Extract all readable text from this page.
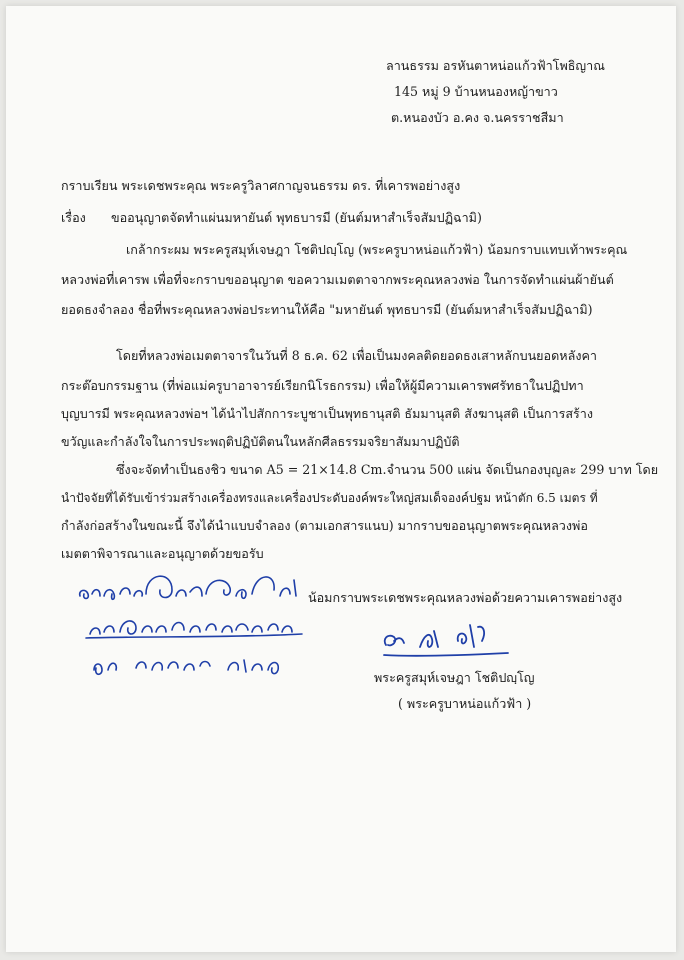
ลานธรรม อรหันตาหน่อแก้วฟ้าโพธิญาณ
145 หมู่ 9 บ้านหนองหญ้าขาว
ต.หนองบัว อ.คง จ.นครราชสีมา
กราบเรียน พระเดชพระคุณ พระครูวิลาศกาญจนธรรม ดร. ที่เคารพอย่างสูง
เรื่อง ขออนุญาตจัดทำแผ่นมหายันต์ พุทธบารมี (ยันต์มหาสำเร็จสัมปฏิฉามิ)
เกล้ากระผม พระครูสมุห์เจษฎา โชติปญฺโญ (พระครูบาหน่อแก้วฟ้า) น้อมกราบแทบเท้าพระคุณ
หลวงพ่อที่เคารพ เพื่อที่จะกราบขออนุญาต ขอความเมตตาจากพระคุณหลวงพ่อ ในการจัดทำแผ่นผ้ายันต์
ยอดธงจำลอง ชื่อที่พระคุณหลวงพ่อประทานให้คือ "มหายันต์ พุทธบารมี (ยันต์มหาสำเร็จสัมปฏิฉามิ)
โดยที่หลวงพ่อเมตตาจารในวันที่ 8 ธ.ค. 62 เพื่อเป็นมงคลติดยอดธงเสาหลักบนยอดหลังคา
กระต๊อบกรรมฐาน (ที่พ่อแม่ครูบาอาจารย์เรียกนิโรธกรรม) เพื่อให้ผู้มีความเคารพศรัทธาในปฏิปทา
บุญบารมี พระคุณหลวงพ่อฯ ได้นำไปสักการะบูชาเป็นพุทธานุสติ ธัมมานุสติ สังฆานุสติ เป็นการสร้าง
ขวัญและกำลังใจในการประพฤติปฏิบัติตนในหลักศีลธรรมจริยาสัมมาปฏิบัติ
ซึ่งจะจัดทำเป็นธงชิว ขนาด A5 = 21×14.8 Cm.จำนวน 500 แผ่น จัดเป็นกองบุญละ 299 บาท โดย
นำปัจจัยที่ได้รับเข้าร่วมสร้างเครื่องทรงและเครื่องประดับองค์พระใหญ่สมเด็จองค์ปฐม หน้าตัก 6.5 เมตร ที่
กำลังก่อสร้างในขณะนี้ จึงได้นำแบบจำลอง (ตามเอกสารแนบ) มากราบขออนุญาตพระคุณหลวงพ่อ
เมตตาพิจารณาและอนุญาตด้วยขอรับ
น้อมกราบพระเดชพระคุณหลวงพ่อด้วยความเคารพอย่างสูง
พระครูสมุห์เจษฎา โชติปญฺโญ
( พระครูบาหน่อแก้วฟ้า )
